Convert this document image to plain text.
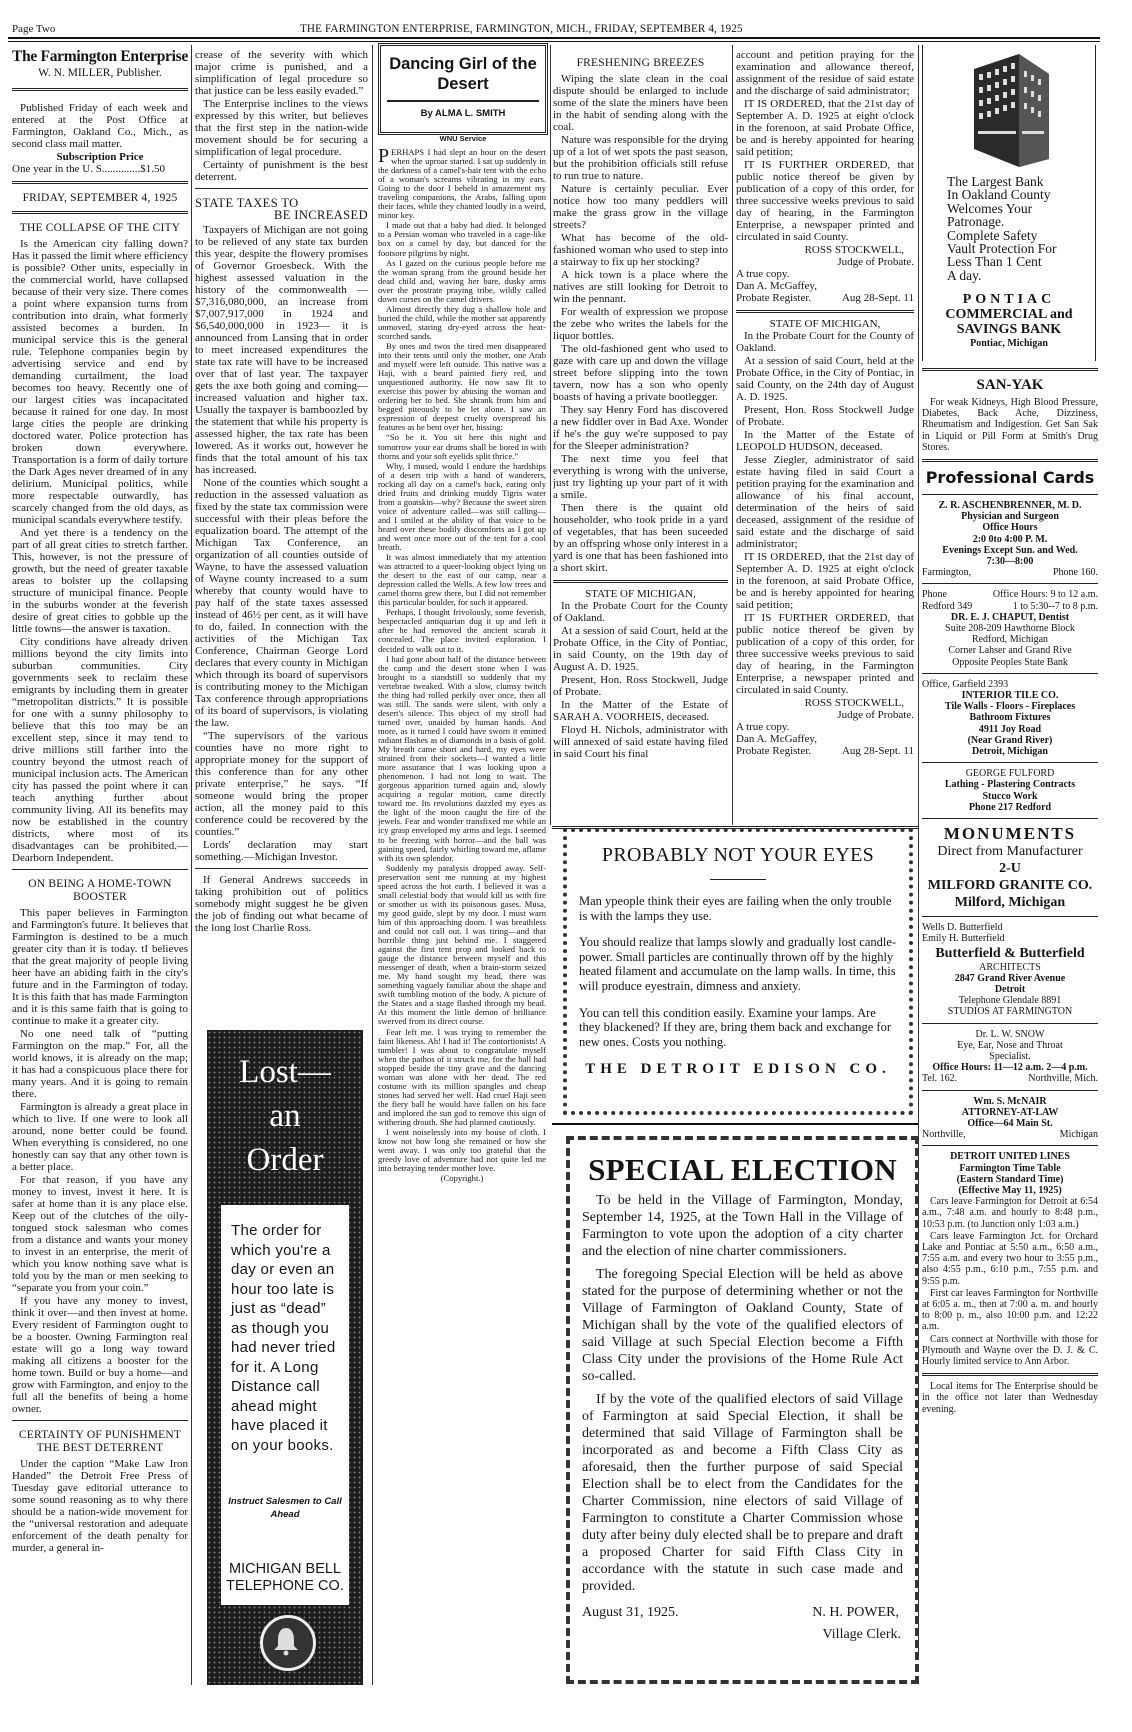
Page Two	THE FARMINGTON ENTERPRISE, FARMINGTON, MICH., FRIDAY, SEPTEMBER 4, 1925
The Farmington Enterprise
W. N. MILLER, Publisher.
Published Friday of each week and entered at the Post Office at Farmington, Oakland Co., Mich., as second class mail matter.
Subscription Price
One year in the U. S..............$1.50
FRIDAY, SEPTEMBER 4, 1925
THE COLLAPSE OF THE CITY
Is the American city falling down? Has it passed the limit where efficiency is possible? Other units, especially in the commercial world, have collapsed because of their very size. There comes a point where expansion turns from contribution into drain, what formerly assisted becomes a burden. In municipal service this is the general rule. Telephone companies begin by advertising service and end by demanding curtailment, the load becomes too heavy. Recently one of our largest cities was incapacitated because it rained for one day. In most large cities the people are drinking doctored water. Police protection has broken down everywhere. Transportation is a form of daily torture the Dark Ages never dreamed of in any delirium. Municipal politics, while more respectable outwardly, has scarcely changed from the old days, as municipal scandals everywhere testify.
And yet there is a tendency on the part of all great cities to stretch farther. This, however, is not the pressure of growth, but the need of greater taxable areas to bolster up the collapsing structure of municipal finance. People in the suburbs wonder at the feverish desire of great cities to gobble up the little towns—the answer is taxation.
City conditions have already driven millions beyond the city limits into suburban communities. City governments seek to reclaim these emigrants by including them in greater “metropolitan districts.” It is possible for one with a sunny philosophy to believe that this too may be an excellent step, since it may tend to drive millions still farther into the country beyond the utmost reach of municipal inclusion acts. The American city has passed the point where it can teach anything further about community living. All its benefits may now be established in the country districts, where most of its disadvantages can be prohibited.—Dearborn Independent.
ON BEING A HOME-TOWN BOOSTER
This paper believes in Farmington and Farmington's future. It believes that Farmington is destined to be a much greater city than it is today. tI believes that the great majority of people living heer have an abiding faith in the city's future and in the Farmington of today. It is this faith that has made Farmington and it is this same faith that is going to continue to make it a greater city.
No one need talk of “putting Farmington on the map.” For, all the world knows, it is already on the map; it has had a conspicuous place there for many years. And it is going to remain there.
Farmington is already a great place in which to live. If one were to look all around, none better could be found. When everything is considered, no one honestly can say that any other town is a better place.
For that reason, if you have any money to invest, invest it here. It is safer at home than it is any place else. Keep out of the clutches of the oily-tongued stock salesman who comes from a distance and wants your money to invest in an enterprise, the merit of which you know nothing save what is told you by the man or men seeking to “separate you from your coin.”
If you have any money to invest, think it over—and then invest at home. Every resident of Farmington ought to be a booster. Owning Farmington real estate will go a long way toward making all citizens a booster for the home town. Build or buy a home—and grow with Farmington, and enjoy to the full all the benefits of being a home owner.
CERTAINTY OF PUNISHMENT THE BEST DETERRENT
Under the caption “Make Law Iron Handed” the Detroit Free Press of Tuesday gave editorial utterance to some sound reasoning as to why there should be a nation-wide movement for the “universal restoration and adequate enforcement of the death penalty for murder, a general in-
crease of the severity with which major crime is punished, and a simplification of legal procedure so that justice can be less easily evaded.”
The Enterprise inclines to the views expressed by this writer, but believes that the first step in the nation-wide movement should be for securing a simplification of legal procedure.
Certainty of punishment is the best deterrent.
STATE TAXES TO
BE INCREASED
Taxpayers of Michigan are not going to be relieved of any state tax burden this year, despite the flowery promises of Governor Groesbeck. With the highest assessed valuation in the history of the commonwealth — $7,316,080,000, an increase from $7,007,917,000 in 1924 and $6,540,000,000 in 1923— it is announced from Lansing that in order to meet increased expenditures the state tax rate will have to be increased over that of last year. The taxpayer gets the axe both going and coming—increased valuation and higher tax. Usually the taxpayer is bamboozled by the statement that while his property is assessed higher, the tax rate has been lowered. As it works out, however he finds that the total amount of his tax has increased.
None of the counties which sought a reduction in the assessed valuation as fixed by the state tax commission were successful with their pleas before the equalization board. The attempt of the Michigan Tax Conference, an organization of all counties outside of Wayne, to have the assessed valuation of Wayne county increased to a sum whereby that county would have to pay half of the state taxes assessed instead of 46½ per cent, as it will have to do, failed. In connection with the activities of the Michigan Tax Conference, Chairman George Lord declares that every county in Michigan which through its board of supervisors is contributing money to the Michigan Tax conference through appropriations of its board of supervisors, is violating the law.
“The supervisors of the various counties have no more right to appropriate money for the support of this conference than for any other private enterprise,” he says. “If someone would bring the proper action, all the money paid to this conference could be recovered by the counties.”
Lords' declaration may start something.—Michigan Investor.
If General Andrews succeeds in taking prohibition out of politics somebody might suggest he be given the job of finding out what became of the long lost Charlie Ross.
Lost—
an
Order
The order for which you're a day or even an hour too late is just as “dead” as though you had never tried for it. A Long Distance call ahead might have placed it on your books.
Instruct Salesmen to Call Ahead
MICHIGAN BELL TELEPHONE CO.
Dancing Girl of the Desert
By ALMA L. SMITH
WNU Service
PERHAPS I had slept an hour on the desert when the uproar started. I sat up suddenly in the darkness of a camel's-hair tent with the echo of a woman's screams vibrating in my ears. Going to the door I beheld in amazement my traveling companions, the Arabs, falling upon their faces, while they chanted loudly in a weird, minor key.
I made out that a baby had died. It belonged to a Persian woman who traveled in a cage-like box on a camel by day, but danced for the footsore pilgrims by night.
As I gazed on the curious people before me the woman sprang from the ground beside her dead child and, waving her bare, dusky arms over the prostrate praying tribe, wildly called down curses on the camel drivers.
Almost directly they dug a shallow hole and buried the child, while the mother sat apparently unmoved, staring dry-eyed across the heat-scorched sands.
By ones and twos the tired men disappeared into their tents until only the mother, one Arab and myself were left outside. This native was a Haji, with a beard painted fiery red, and unquestioned authority. He now saw fit to exercise this power by abusing the woman and ordering her to bed. She shrank from him and begged piteously to be let alone. I saw an expression of deepest cruelty overspread his features as he bent over her, hissing:
“So be it. You sit here this night and tomorrow your ear drums shall be bored in with thorns and your soft eyelids split thrice.”
Why, I mused, would I endure the hardships of a desert trip with a band of wanderers, rocking all day on a camel's back, eating only dried fruits and drinking muddy Tigris water from a goatskin—why? Because the sweet siren voice of adventure called—was still calling—and I smiled at the ability of that voice to be heard over these bodily discomforts as I got up and went once more out of the tent for a cool breath.
It was almost immediately that my attention was attracted to a queer-looking object lying on the desert to the east of our camp, near a depression called the Wells. A few low trees and camel thorns grew there, but I did not remember this particular boulder, for such it appeared.
Perhaps, I thought frivolously, some feverish, bespectacled antiquarian dug it up and left it after he had removed the ancient scarab it concealed. The place invited exploration. I decided to walk out to it.
I had gone about half of the distance between the camp and the desert stone when I was brought to a standstill so suddenly that my vertebrae tweaked. With a slow, clumsy twitch the thing had rolled perkily over once, then all was still. The sands were silent, with only a desert's silence. This object of my stroll had turned over, unaided by human hands. And more, as it turned I could have sworn it emitted radiant flashes as of diamonds in a basis of gold. My breath came short and hard, my eyes were strained from their sockets—I wanted a little more assurance that I was looking upon a phenomenon. I had not long to wait. The gorgeous apparition turned again and, slowly acquiring a regular motion, came directly toward me. Its revolutions dazzled my eyes as the light of the moon caught the fire of the jewels. Fear and wonder transfixed me while an icy grasp enveloped my arms and legs. I seemed to be freezing with horror—and the ball was gaining speed, fairly whirling toward me, aflame with its own splendor.
Suddenly my paralysis dropped away. Self-preservation sent me running at my highest speed across the hot earth. I believed it was a small celestial body that would kill us with fire or smother us with its poisonous gases. Musa, my good guide, slept by my door. I must warn him of this approaching doom. I was breathless and could not call out. I was tiring—and that horrible thing just behind me. I staggered against the first tent prop and looked back to gauge the distance between myself and this messenger of death, when a brain-storm seized me. My hand sought my head, there was something vaguely familiar about the shape and swift tumbling motion of the body. A picture of the States and a stage flashed through my head. At this moment the little demon of brilliance swerved from its direct course.
Fear left me. I was trying to remember the faint likeness. Ah! I had it! The contortionists! A tumbler! I was about to congratulate myself when the pathos of it struck me, for the ball had stopped beside the tiny grave and the dancing woman was alone with her dead. The red costume with its million spangles and cheap stones had served her well. Had cruel Haji seen the fiery ball he would have fallen on his face and implored the sun god to remove this sign of withering drouth. She had planned cautiously.
I went noiselessly into my house of cloth. I know not how long she remained or how she went away. I was only too grateful that the greedy love of adventure had not quite led me into betraying tender mother love.
(Copyright.)
FRESHENING BREEZES
Wiping the slate clean in the coal dispute should be enlarged to include some of the slate the miners have been in the habit of sending along with the coal.
Nature was responsible for the drying up of a lot of wet spots the past season, but the prohibition officials still refuse to run true to nature.
Nature is certainly peculiar. Ever notice how too many peddlers will make the grass grow in the village streets?
What has become of the old-fashioned woman who used to step into a stairway to fix up her stocking?
A hick town is a place where the natives are still looking for Detroit to win the pennant.
For wealth of expression we propose the zebe who writes the labels for the liquor bottles.
The old-fashioned gent who used to gaze with care up and down the village street before slipping into the town tavern, now has a son who openly boasts of having a private bootlegger.
They say Henry Ford has discovered a new fiddler over in Bad Axe. Wonder if he's the guy we're supposed to pay for the Sleeper administration?
The next time you feel that everything is wrong with the universe, just try lighting up your part of it with a smile.
Then there is the quaint old householder, who took pride in a yard of vegetables, that has been suceeded by an offspring whose only interest in a yard is one that has been fashioned into a short skirt.
STATE OF MICHIGAN,
In the Probate Court for the County of Oakland.
At a session of said Court, held at the Probate Office, in the City of Pontiac, in said County, on the 19th day of August A. D. 1925.
Present, Hon. Ross Stockwell, Judge of Probate.
In the Matter of the Estate of SARAH A. VOORHEIS, deceased.
Floyd H. Nichols, administrator with will annexed of said estate having filed in said Court his final
account and petition praying for the examination and allowance thereof, assignment of the residue of said estate and the discharge of said administrator;
IT IS ORDERED, that the 21st day of September A. D. 1925 at eight o'clock in the forenoon, at said Probate Office, be and is hereby appointed for hearing said petition;
IT IS FURTHER ORDERED, that public notice thereof be given by publication of a copy of this order, for three successive weeks previous to said day of hearing, in the Farmington Enterprise, a newspaper printed and circulated in said County.
ROSS STOCKWELL,
Judge of Probate.
A true copy.
Dan A. McGaffey,
Probate Register.	Aug 28-Sept. 11
STATE OF MICHIGAN,
In the Probate Court for the County of Oakland.
At a session of said Court, held at the Probate Office, in the City of Pontiac, in said County, on the 24th day of August A. D. 1925.
Present, Hon. Ross Stockwell Judge of Probate.
In the Matter of the Estate of LEOPOLD HUDSON, deceased.
Jesse Ziegler, administrator of said estate having filed in said Court a petition praying for the examination and allowance of his final account, determination of the heirs of said deceased, assignment of the residue of said estate and the discharge of said administrator;
IT IS ORDERED, that the 21st day of September A. D. 1925 at eight o'clock in the forenoon, at said Probate Office, be and is hereby appointed for hearing said petition;
IT IS FURTHER ORDERED, that public notice thereof be given by publication of a copy of this order, for three successive weeks previous to said day of hearing, in the Farmington Enterprise, a newspaper printed and circulated in said County.
ROSS STOCKWELL,
Judge of Probate.
A true copy.
Dan A. McGaffey,
Probate Register.	Aug 28-Sept. 11
PROBABLY NOT YOUR EYES
Man ypeople think their eyes are failing when the only trouble is with the lamps they use.
You should realize that lamps slowly and gradually lost candle-power. Small particles are continually thrown off by the highly heated filament and accumulate on the lamp walls. In time, this will produce eyestrain, dimness and anxiety.
You can tell this condition easily. Examine your lamps. Are they blackened? If they are, bring them back and exchange for new ones. Costs you nothing.
THE DETROIT EDISON CO.
SPECIAL ELECTION
To be held in the Village of Farmington, Monday, September 14, 1925, at the Town Hall in the Village of Farmington to vote upon the adoption of a city charter and the election of nine charter commissioners.
The foregoing Special Election will be held as above stated for the purpose of determining whether or not the Village of Farmington of Oakland County, State of Michigan shall by the vote of the qualified electors of said Village at such Special Election become a Fifth Class City under the provisions of the Home Rule Act so-called.
If by the vote of the qualified electors of said Village of Farmington at said Special Election, it shall be determined that said Village of Farmington shall be incorporated as and become a Fifth Class City as aforesaid, then the further purpose of said Special Election shall be to elect from the Candidates for the Charter Commission, nine electors of said Village of Farmington to constitute a Charter Commission whose duty after beiny duly elected shall be to prepare and draft a proposed Charter for said Fifth Class City in accordance with the statute in such case made and provided.
August 31, 1925.	N. H. POWER,
Village Clerk.
The Largest Bank
In Oakland County
Welcomes Your
Patronage.
Complete Safety
Vault Protection For
Less Than 1 Cent
A day.
PONTIAC
COMMERCIAL and
SAVINGS BANK
Pontiac, Michigan
SAN-YAK
For weak Kidneys, High Blood Pressure, Diabetes, Back Ache, Dizziness, Rheumatism and Indigestion. Get San Sak in Liquid or Pill Form at Smith's Drug Stores.
Professional Cards
Z. R. ASCHENBRENNER, M. D.
Physician and Surgeon
Office Hours
2:0 0to 4:00 P. M.
Evenings Except Sun. and Wed.
7:30—8:00
Farmington,	Phone 160.
Phone	Office Hours: 9 to 12 a.m.
Redford 349	1 to 5:30--7 to 8 p.m.
DR. E. J. CHAPUT, Dentist
Suite 208-209 Hawthorne Block
Redford, Michigan
Corner Lahser and Grand Rive
Opposite Peoples State Bank
Office, Garfield 2393
INTERIOR TILE CO.
Tile Walls - Floors - Fireplaces
Bathroom Fixtures
4911 Joy Road
(Near Grand River)
Detroit, Michigan
GEORGE FULFORD
Lathing - Plastering Contracts
Stucco Work
Phone 217 Redford
MONUMENTS
Direct from Manufacturer
2-U
MILFORD GRANITE CO.
Milford, Michigan
Wells D. Butterfield
Emily H. Butterfield
Butterfield & Butterfield
ARCHITECTS
2847 Grand River Avenue
Detroit
Telephone Glendale 8891
STUDIOS AT FARMINGTON
Dr. L. W. SNOW
Eye, Ear, Nose and Throat
Specialist.
Office Hours: 11—12 a.m. 2—4 p.m.
Tel. 162.	Northville, Mich.
Wm. S. McNAIR
ATTORNEY-AT-LAW
Office—64 Main St.
Northville,	Michigan
DETROIT UNITED LINES
Farmington Time Table
(Eastern Standard Time)
(Effective May 11, 1925)
Cars leave Farmington for Detroit at 6:54 a.m., 7:48 a.m. and hourly to 8:48 p.m., 10:53 p.m. (to Junction only 1:03 a.m.)
Cars leave Farmington Jct. for Orchard Lake and Pontiac at 5:50 a.m., 6:50 a.m., 7:55 a.m. and every two hour to 3:55 p.m., also 4:55 p.m., 6:10 p.m., 7:55 p.m. and 9:55 p.m.
First car leaves Farmington for Northville at 6:05 a. m., then at 7:00 a. m. and hourly to 8:00 p. m., also 10:00 p.m. and 12:22 a.m.
Cars connect at Northville with those for Plymouth and Wayne over the D. J. & C. Hourly limited service to Ann Arbor.
Local items for The Enterprise should be in the office not later than Wednesday evening.
